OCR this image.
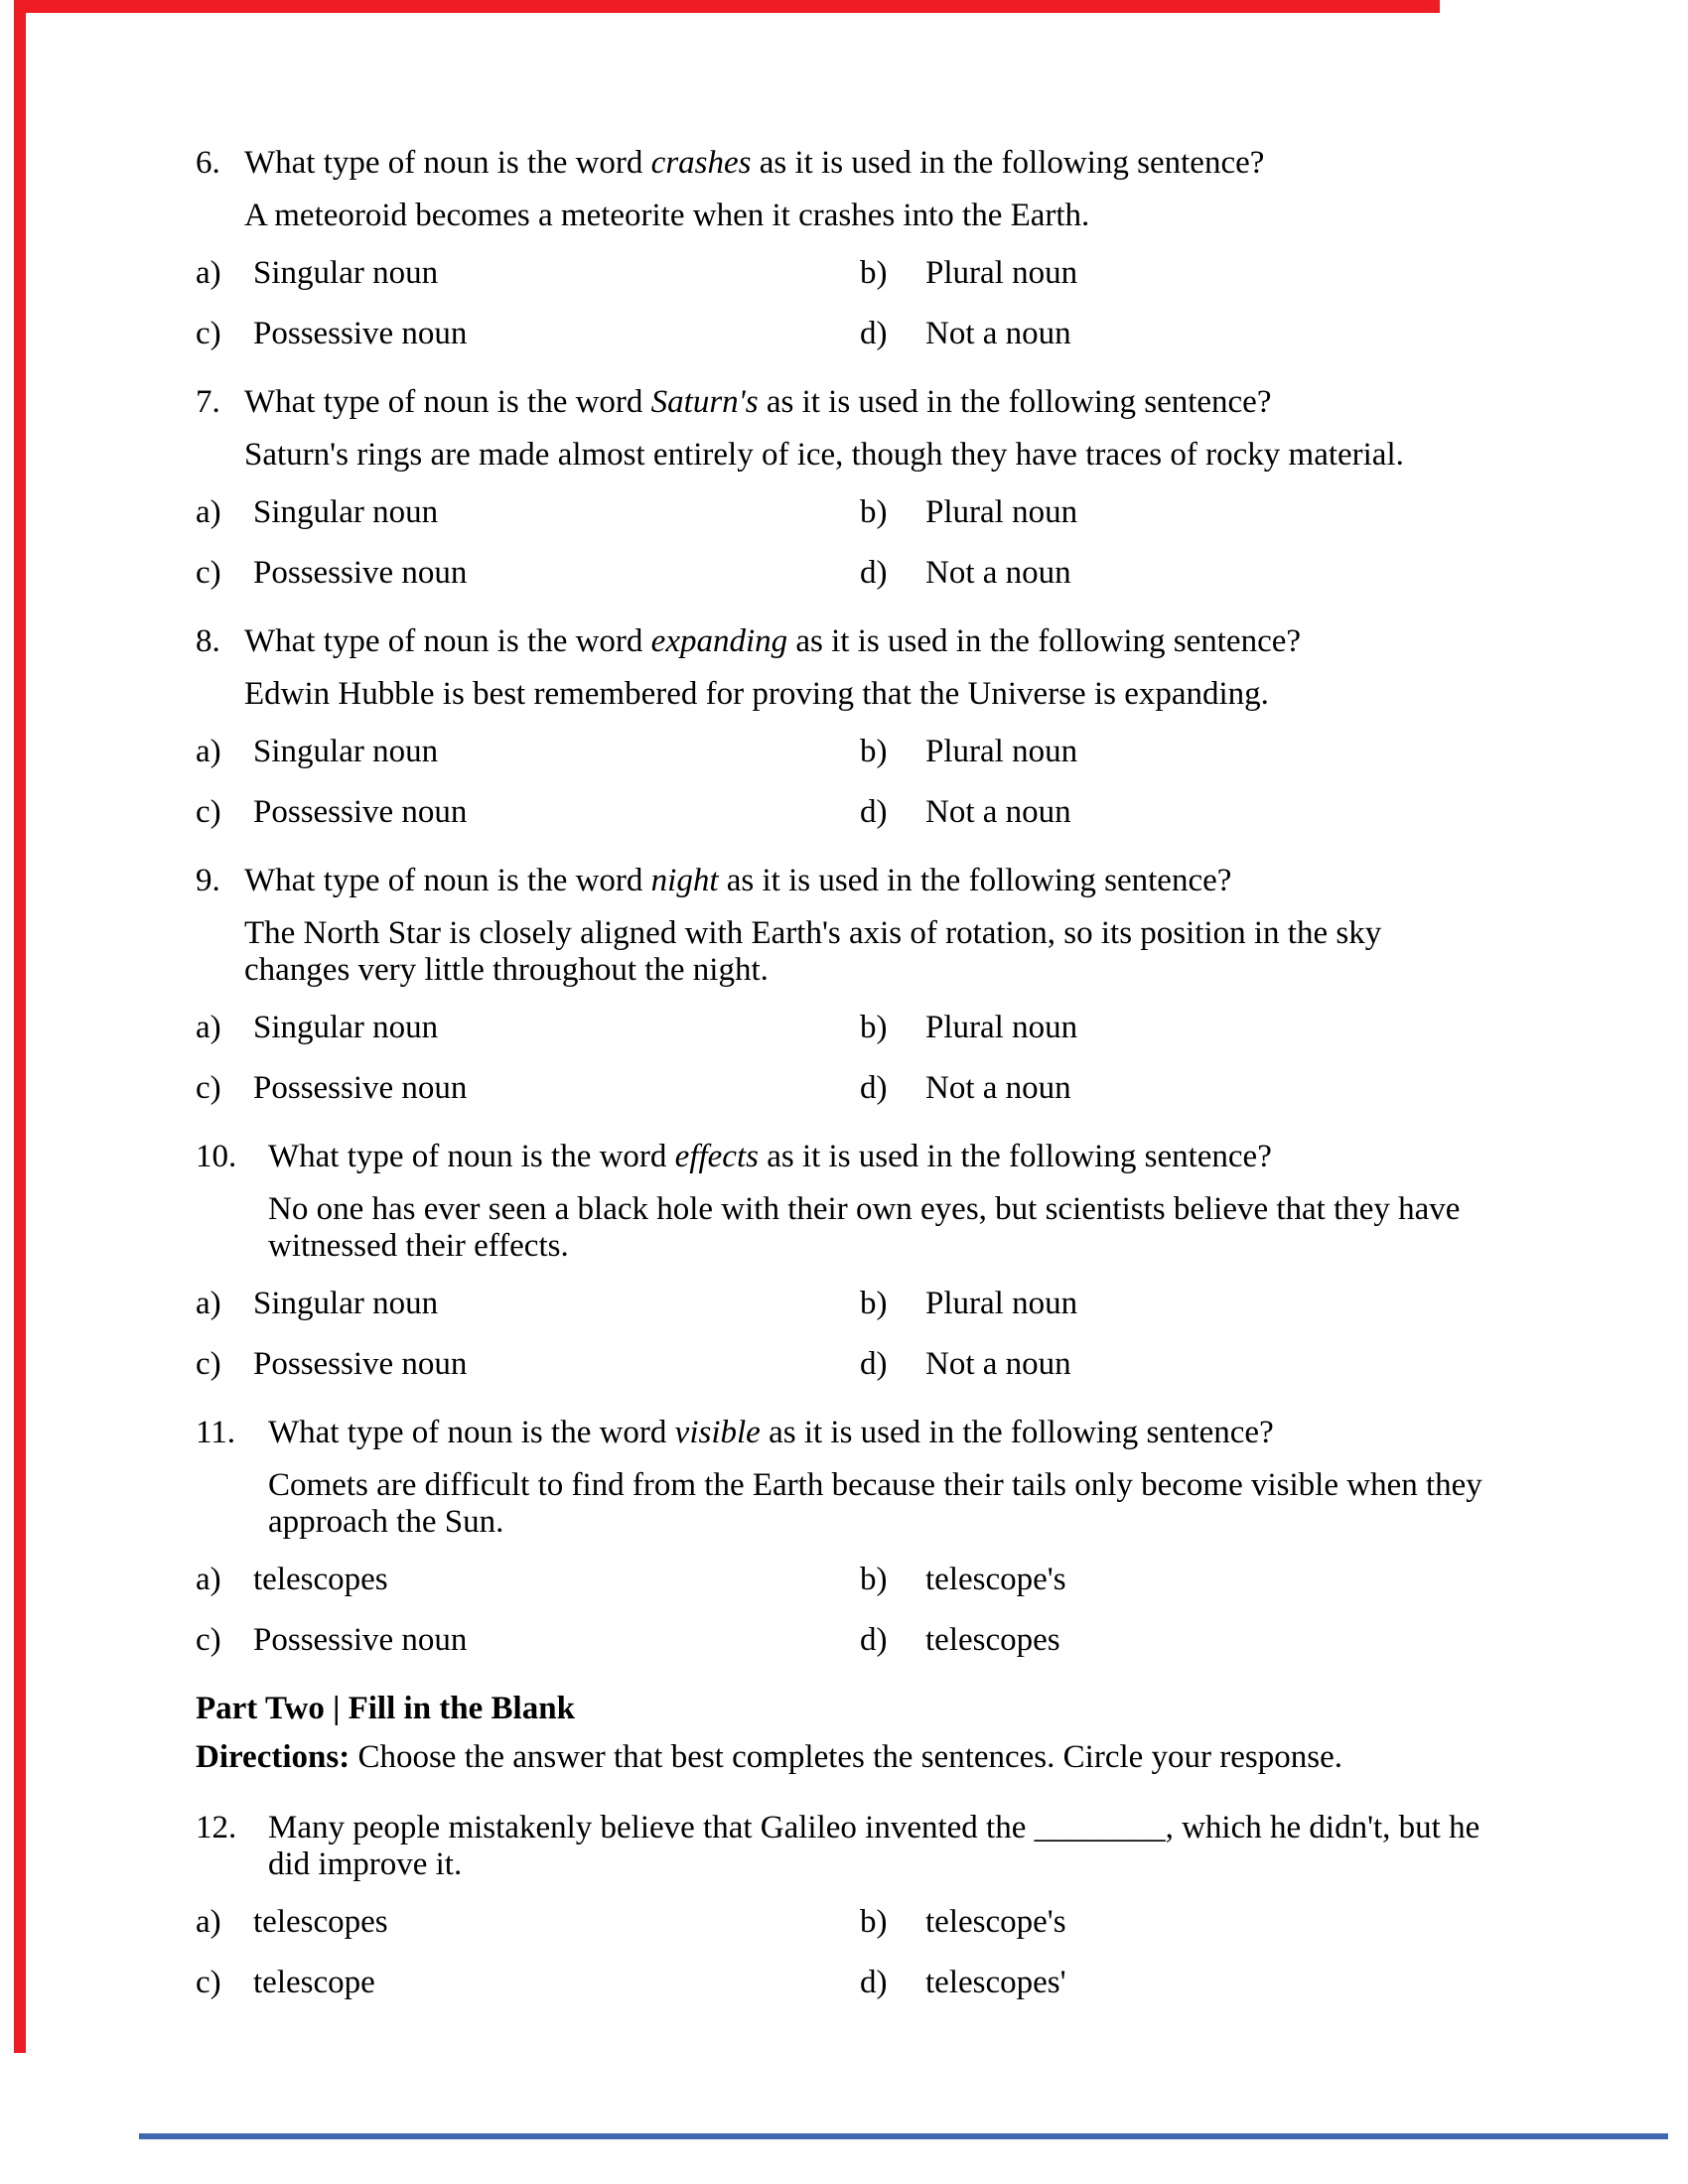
6. What type of noun is the word crashes as it is used in the following sentence?
A meteoroid becomes a meteorite when it crashes into the Earth.
a) Singular noun	b) Plural noun
c) Possessive noun	d) Not a noun
7. What type of noun is the word Saturn's as it is used in the following sentence?
Saturn's rings are made almost entirely of ice, though they have traces of rocky material.
a) Singular noun	b) Plural noun
c) Possessive noun	d) Not a noun
8. What type of noun is the word expanding as it is used in the following sentence?
Edwin Hubble is best remembered for proving that the Universe is expanding.
a) Singular noun	b) Plural noun
c) Possessive noun	d) Not a noun
9. What type of noun is the word night as it is used in the following sentence?
The North Star is closely aligned with Earth's axis of rotation, so its position in the sky
changes very little throughout the night.
a) Singular noun	b) Plural noun
c) Possessive noun	d) Not a noun
10. What type of noun is the word effects as it is used in the following sentence?
No one has ever seen a black hole with their own eyes, but scientists believe that they have
witnessed their effects.
a) Singular noun	b) Plural noun
c) Possessive noun	d) Not a noun
11. What type of noun is the word visible as it is used in the following sentence?
Comets are difficult to find from the Earth because their tails only become visible when they
approach the Sun.
a) telescopes	b) telescope's
c) Possessive noun	d) telescopes
Part Two | Fill in the Blank
Directions: Choose the answer that best completes the sentences. Circle your response.
12. Many people mistakenly believe that Galileo invented the ________, which he didn't, but he
did improve it.
a) telescopes	b) telescope's
c) telescope	d) telescopes'
